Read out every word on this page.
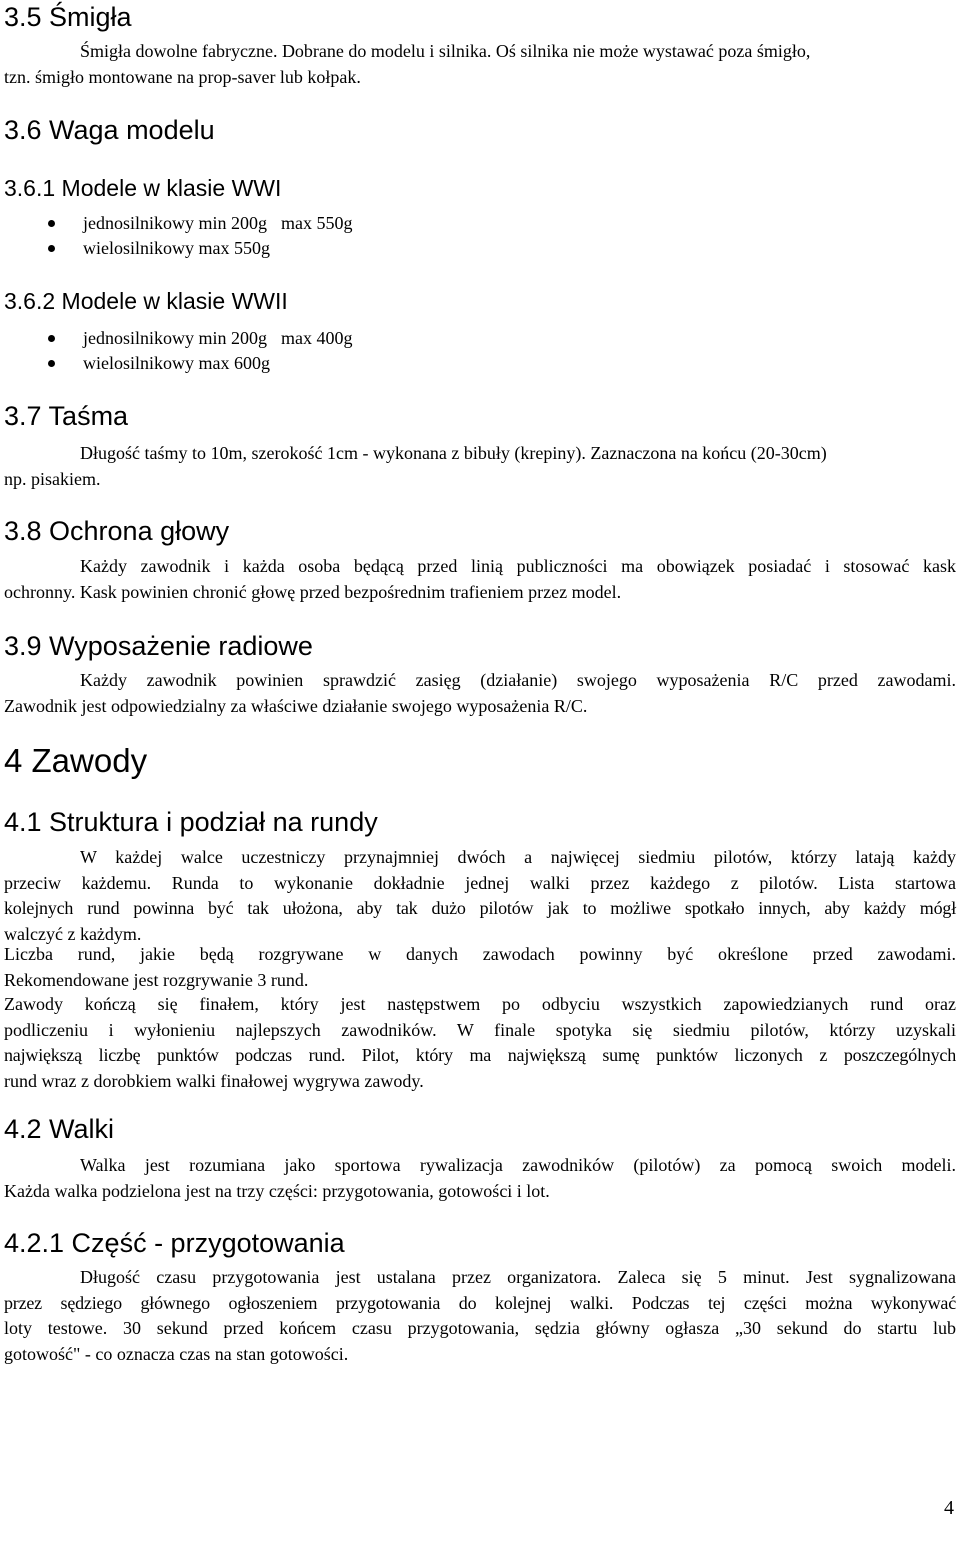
3.5 Śmigła
Śmigła dowolne fabryczne. Dobrane do modelu i silnika. Oś silnika nie może wystawać poza śmigło,
tzn. śmigło montowane na prop-saver lub kołpak.
3.6 Waga modelu
3.6.1 Modele w klasie WWI
jednosilnikowy min 200g max 550g
wielosilnikowy max 550g
3.6.2 Modele w klasie WWII
jednosilnikowy min 200g max 400g
wielosilnikowy max 600g
3.7 Taśma
Długość taśmy to 10m, szerokość 1cm - wykonana z bibuły (krepiny). Zaznaczona na końcu (20-30cm)
np. pisakiem.
3.8 Ochrona głowy
Każdy zawodnik i każda osoba będącą przed linią publiczności ma obowiązek posiadać i stosować kask
ochronny. Kask powinien chronić głowę przed bezpośrednim trafieniem przez model.
3.9 Wyposażenie radiowe
Każdy zawodnik powinien sprawdzić zasięg (działanie) swojego wyposażenia R/C przed zawodami.
Zawodnik jest odpowiedzialny za właściwe działanie swojego wyposażenia R/C.
4 Zawody
4.1 Struktura i podział na rundy
W każdej walce uczestniczy przynajmniej dwóch a najwięcej siedmiu pilotów, którzy latają każdy
przeciw każdemu. Runda to wykonanie dokładnie jednej walki przez każdego z pilotów. Lista startowa
kolejnych rund powinna być tak ułożona, aby tak dużo pilotów jak to możliwe spotkało innych, aby każdy mógł
walczyć z każdym.
Liczba rund, jakie będą rozgrywane w danych zawodach powinny być określone przed zawodami.
Rekomendowane jest rozgrywanie 3 rund.
Zawody kończą się finałem, który jest następstwem po odbyciu wszystkich zapowiedzianych rund oraz
podliczeniu i wyłonieniu najlepszych zawodników. W finale spotyka się siedmiu pilotów, którzy uzyskali
największą liczbę punktów podczas rund. Pilot, który ma największą sumę punktów liczonych z poszczególnych
rund wraz z dorobkiem walki finałowej wygrywa zawody.
4.2 Walki
Walka jest rozumiana jako sportowa rywalizacja zawodników (pilotów) za pomocą swoich modeli.
Każda walka podzielona jest na trzy części: przygotowania, gotowości i lot.
4.2.1 Część - przygotowania
Długość czasu przygotowania jest ustalana przez organizatora. Zaleca się 5 minut. Jest sygnalizowana
przez sędziego głównego ogłoszeniem przygotowania do kolejnej walki. Podczas tej części można wykonywać
loty testowe. 30 sekund przed końcem czasu przygotowania, sędzia główny ogłasza „30 sekund do startu lub
gotowość" - co oznacza czas na stan gotowości.
4
